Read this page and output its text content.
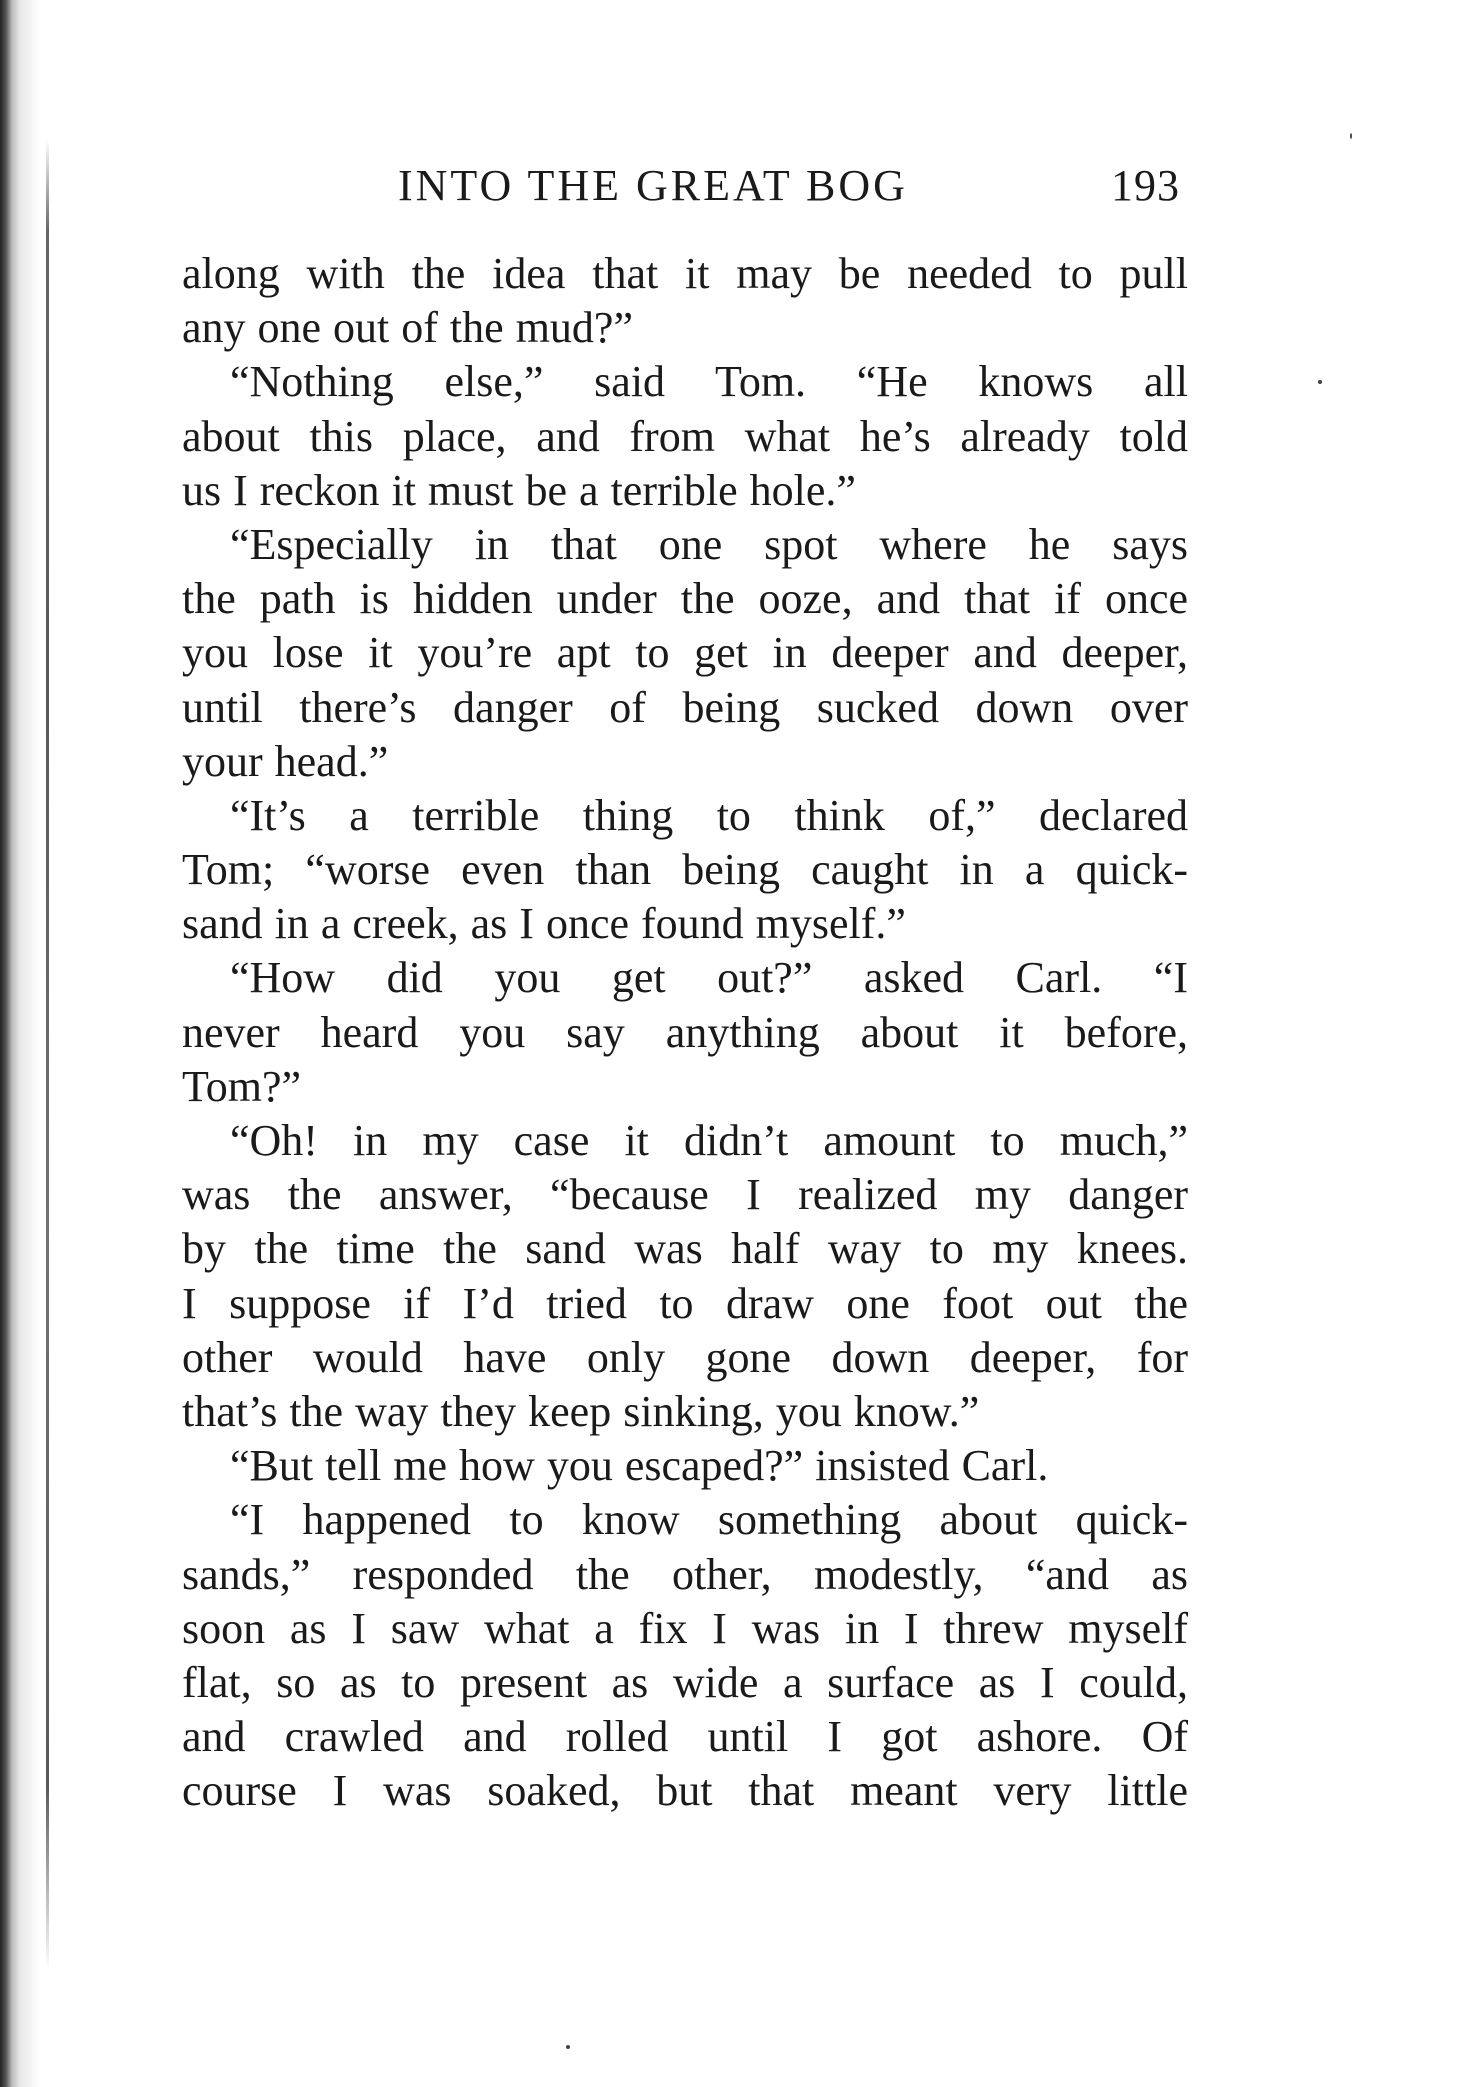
INTO THE GREAT BOG	193
along with the idea that it may be needed to pull
any one out of the mud?”
“Nothing else,” said Tom. “He knows all
about this place, and from what he’s already told
us I reckon it must be a terrible hole.”
“Especially in that one spot where he says
the path is hidden under the ooze, and that if once
you lose it you’re apt to get in deeper and deeper,
until there’s danger of being sucked down over
your head.”
“It’s a terrible thing to think of,” declared
Tom; “worse even than being caught in a quick-
sand in a creek, as I once found myself.”
“How did you get out?” asked Carl. “I
never heard you say anything about it before,
Tom?”
“Oh! in my case it didn’t amount to much,”
was the answer, “because I realized my danger
by the time the sand was half way to my knees.
I suppose if I’d tried to draw one foot out the
other would have only gone down deeper, for
that’s the way they keep sinking, you know.”
“But tell me how you escaped?” insisted Carl.
“I happened to know something about quick-
sands,” responded the other, modestly, “and as
soon as I saw what a fix I was in I threw myself
flat, so as to present as wide a surface as I could,
and crawled and rolled until I got ashore. Of
course I was soaked, but that meant very little
